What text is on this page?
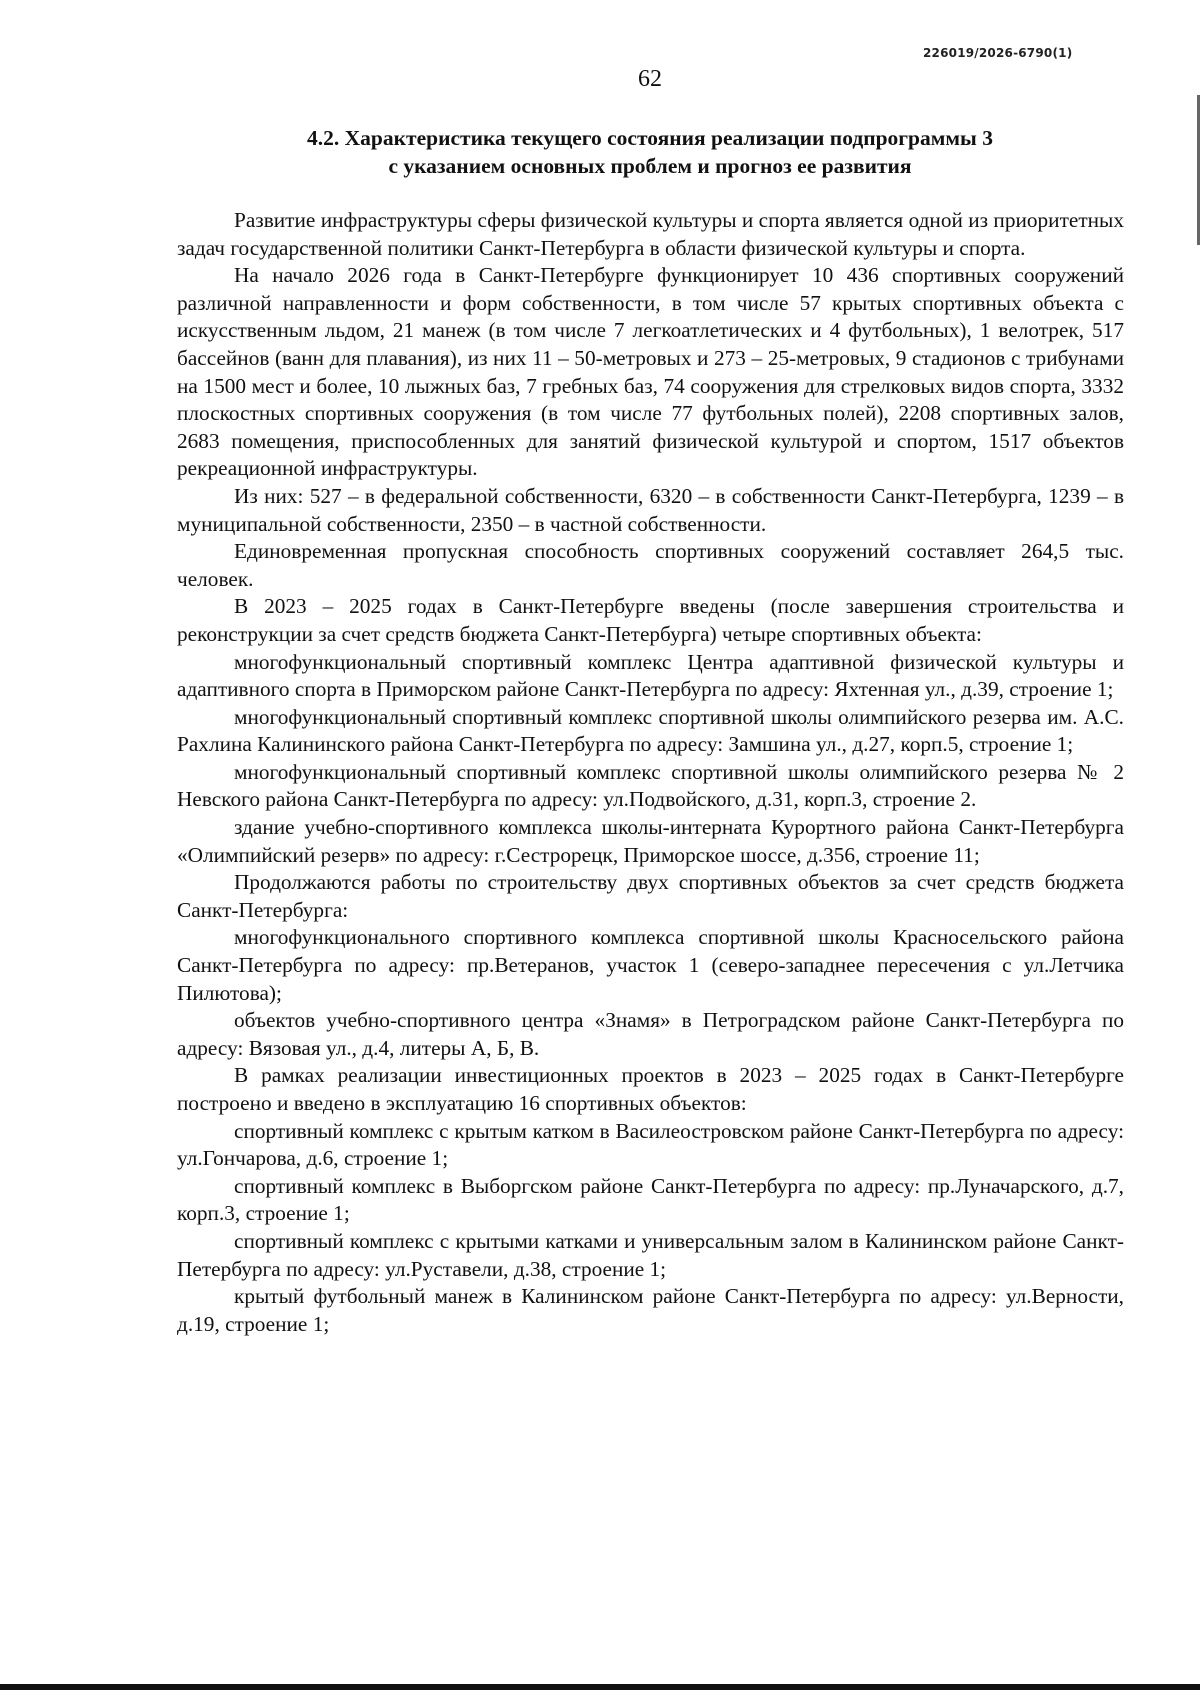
226019/2026-6790(1)
62
4.2. Характеристика текущего состояния реализации подпрограммы 3
с указанием основных проблем и прогноз ее развития

Развитие инфраструктуры сферы физической культуры и спорта является одной из приоритетных задач государственной политики Санкт-Петербурга в области физической культуры и спорта.

На начало 2026 года в Санкт-Петербурге функционирует 10 436 спортивных сооружений различной направленности и форм собственности, в том числе 57 крытых спортивных объекта с искусственным льдом, 21 манеж (в том числе 7 легкоатлетических и 4 футбольных), 1 велотрек, 517 бассейнов (ванн для плавания), из них 11 – 50-метровых и 273 – 25-метровых, 9 стадионов с трибунами на 1500 мест и более, 10 лыжных баз, 7 гребных баз, 74 сооружения для стрелковых видов спорта, 3332 плоскостных спортивных сооружения (в том числе 77 футбольных полей), 2208 спортивных залов, 2683 помещения, приспособленных для занятий физической культурой и спортом, 1517 объектов рекреационной инфраструктуры.

Из них: 527 – в федеральной собственности, 6320 – в собственности Санкт-Петербурга, 1239 – в муниципальной собственности, 2350 – в частной собственности.

Единовременная пропускная способность спортивных сооружений составляет 264,5 тыс. человек.

В 2023 – 2025 годах в Санкт-Петербурге введены (после завершения строительства и реконструкции за счет средств бюджета Санкт-Петербурга) четыре спортивных объекта:

многофункциональный спортивный комплекс Центра адаптивной физической культуры и адаптивного спорта в Приморском районе Санкт-Петербурга по адресу: Яхтенная ул., д.39, строение 1;

многофункциональный спортивный комплекс спортивной школы олимпийского резерва им. А.С. Рахлина Калининского района Санкт-Петербурга по адресу: Замшина ул., д.27, корп.5, строение 1;

многофункциональный спортивный комплекс спортивной школы олимпийского резерва № 2 Невского района Санкт-Петербурга по адресу: ул.Подвойского, д.31, корп.3, строение 2.

здание учебно-спортивного комплекса школы-интерната Курортного района Санкт-Петербурга «Олимпийский резерв» по адресу: г.Сестрорецк, Приморское шоссе, д.356, строение 11;

Продолжаются работы по строительству двух спортивных объектов за счет средств бюджета Санкт-Петербурга:

многофункционального спортивного комплекса спортивной школы Красносельского района Санкт-Петербурга по адресу: пр.Ветеранов, участок 1 (северо-западнее пересечения с ул.Летчика Пилютова);

объектов учебно-спортивного центра «Знамя» в Петроградском районе Санкт-Петербурга по адресу: Вязовая ул., д.4, литеры А, Б, В.

В рамках реализации инвестиционных проектов в 2023 – 2025 годах в Санкт-Петербурге построено и введено в эксплуатацию 16 спортивных объектов:

спортивный комплекс с крытым катком в Василеостровском районе Санкт-Петербурга по адресу: ул.Гончарова, д.6, строение 1;

спортивный комплекс в Выборгском районе Санкт-Петербурга по адресу: пр.Луначарского, д.7, корп.3, строение 1;

спортивный комплекс с крытыми катками и универсальным залом в Калининском районе Санкт-Петербурга по адресу: ул.Руставели, д.38, строение 1;

крытый футбольный манеж в Калининском районе Санкт-Петербурга по адресу: ул.Верности, д.19, строение 1;
